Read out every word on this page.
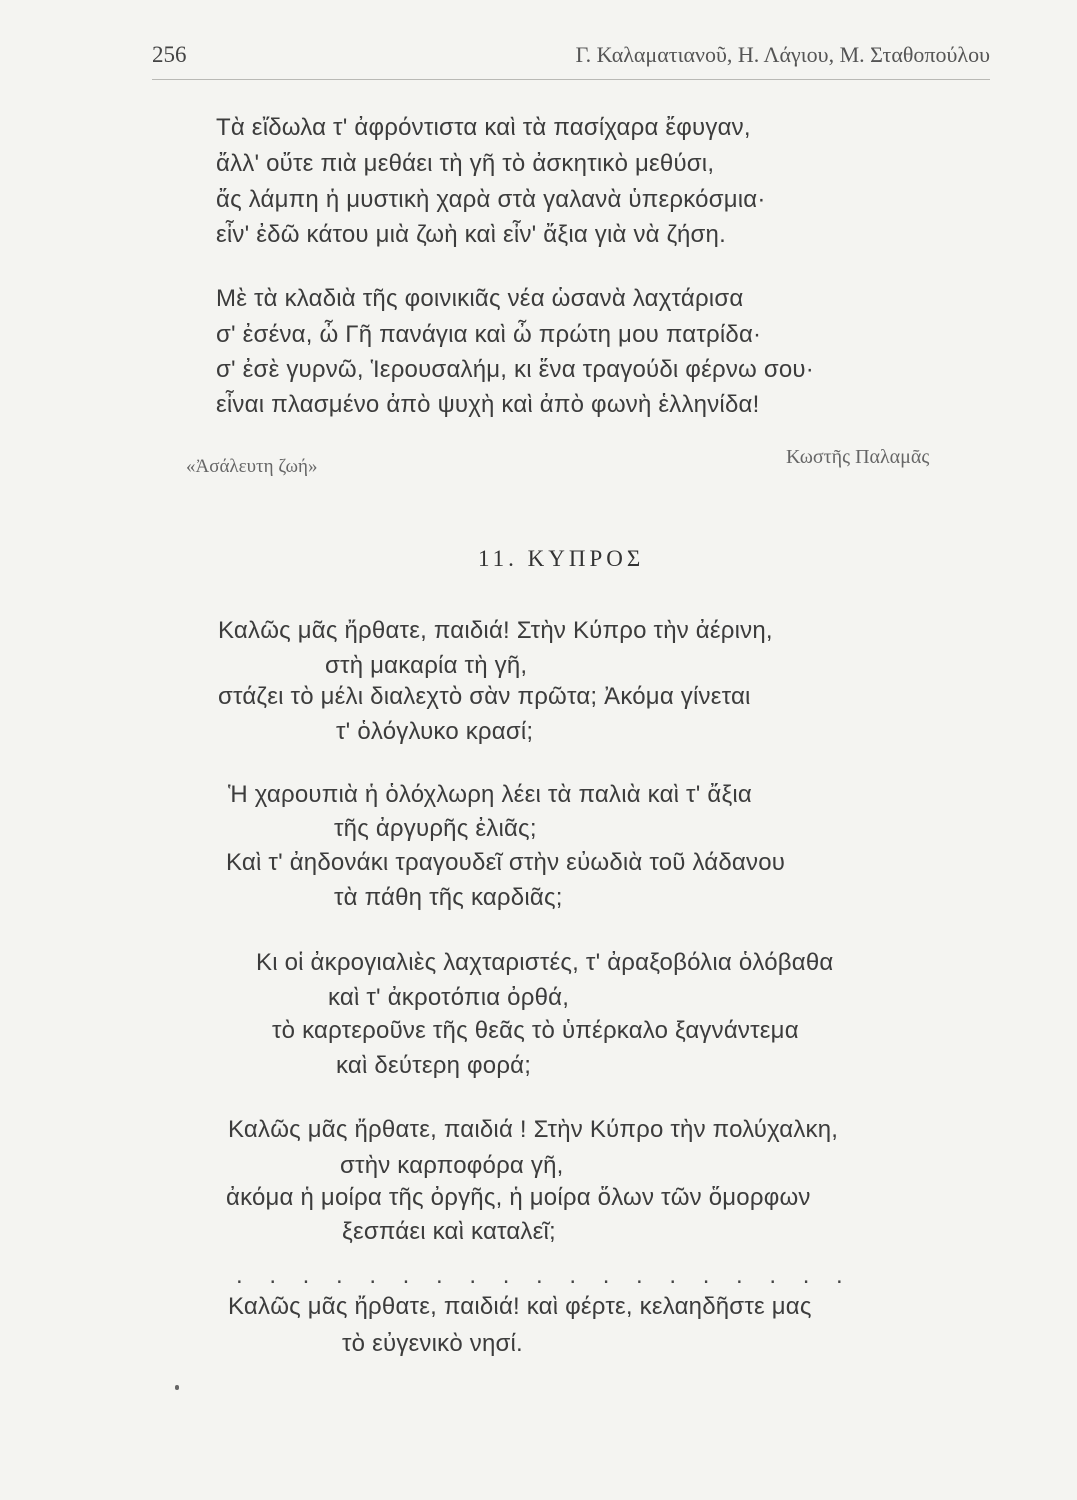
256	Γ. Καλαματιανοῦ, Η. Λάγιου, Μ. Σταθοπούλου
Τὰ εἴδωλα τ' ἀφρόντιστα καὶ τὰ πασίχαρα ἔφυγαν,
ἄλλ' οὔτε πιὰ μεθάει τὴ γῆ τὸ ἀσκητικὸ μεθύσι,
ἄς λάμπη ἡ μυστικὴ χαρὰ στὰ γαλανὰ ὑπερκόσμια·
εἶν' ἐδῶ κάτου μιὰ ζωὴ καὶ εἶν' ἄξια γιὰ νὰ ζήση.
Μὲ τὰ κλαδιὰ τῆς φοινικιᾶς νέα ὡσανὰ λαχτάρισα
σ' ἐσένα, ὦ Γῆ πανάγια καὶ ὦ πρώτη μου πατρίδα·
σ' ἐσὲ γυρνῶ, Ἱερουσαλήμ, κι ἕνα τραγούδι φέρνω σου·
εἶναι πλασμένο ἀπὸ ψυχὴ καὶ ἀπὸ φωνὴ ἑλληνίδα!
«Ἀσάλευτη ζωή»	Κωστῆς Παλαμᾶς
11. ΚΥΠΡΟΣ
Καλῶς μᾶς ἤρθατε, παιδιά! Στὴν Κύπρο τὴν ἀέρινη,
στὴ μακαρία τὴ γῆ,
στάζει τὸ μέλι διαλεχτὸ σὰν πρῶτα; Ἀκόμα γίνεται
τ' ὁλόγλυκο κρασί;
Ἡ χαρουπιὰ ἡ ὁλόχλωρη λέει τὰ παλιὰ καὶ τ' ἄξια
τῆς ἀργυρῆς ἐλιᾶς;
Καὶ τ' ἀηδονάκι τραγουδεῖ στὴν εὐωδιὰ τοῦ λάδανου
τὰ πάθη τῆς καρδιᾶς;
Κι οἱ ἀκρογιαλιὲς λαχταριστές, τ' ἀραξοβόλια ὁλόβαθα
καὶ τ' ἀκροτόπια ὀρθά,
τὸ καρτεροῦνε τῆς θεᾶς τὸ ὑπέρκαλο ξαγνάντεμα
καὶ δεύτερη φορά;
Καλῶς μᾶς ἤρθατε, παιδιά ! Στὴν Κύπρο τὴν πολύχαλκη,
στὴν καρποφόρα γῆ,
ἀκόμα ἡ μοίρα τῆς ὀργῆς, ἡ μοίρα ὅλων τῶν ὅμορφων
ξεσπάει καὶ καταλεῖ;
. . . . . . . . . . . . . . . . . . .
Καλῶς μᾶς ἤρθατε, παιδιά! καὶ φέρτε, κελαηδῆστε μας
τὸ εὐγενικὸ νησί.
